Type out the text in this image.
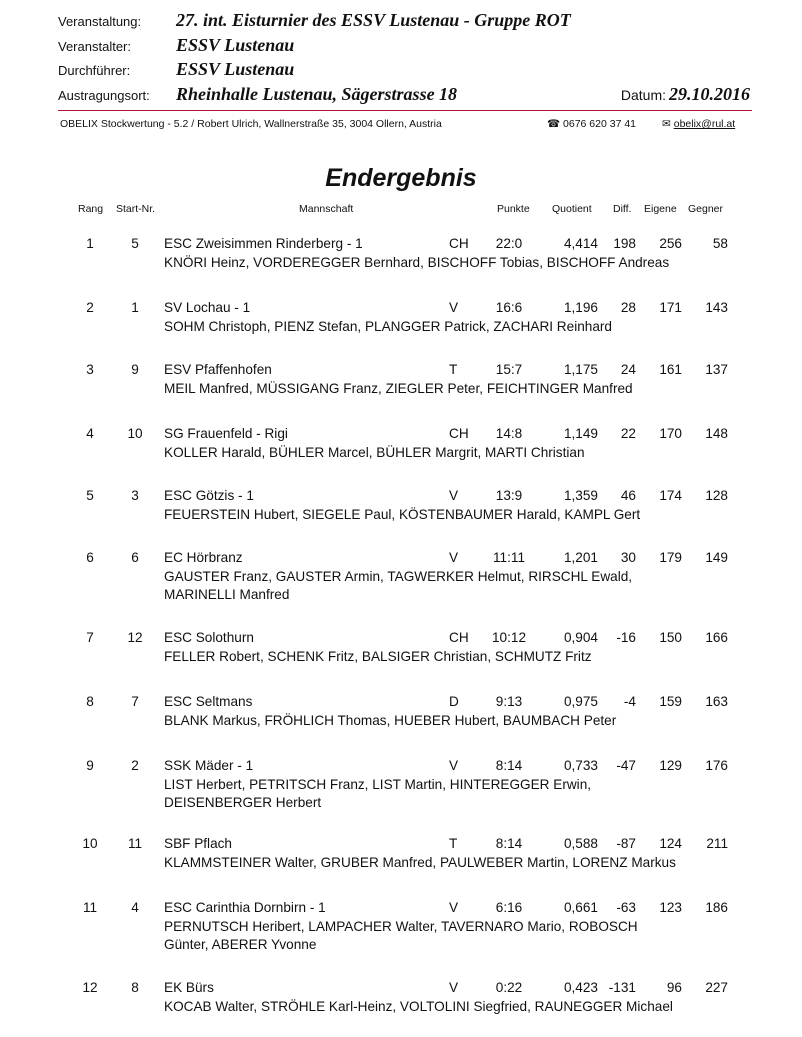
Veranstaltung:	27. int. Eisturnier des ESSV Lustenau - Gruppe ROT
Veranstalter:	ESSV Lustenau
Durchführer:	ESSV Lustenau
Austragungsort:	Rheinhalle Lustenau, Sägerstrasse 18	Datum: 29.10.2016
OBELIX Stockwertung - 5.2 / Robert Ulrich, Wallnerstraße 35, 3004 Ollern, Austria	☎ 0676 620 37 41 ✉ obelix@rul.at
Endergebnis
Rang Start-Nr.	Mannschaft	Punkte Quotient Diff. Eigene Gegner
1	5	ESC Zweisimmen Rinderberg - 1	CH	22:0	4,414	198	256	58
KNÖRI Heinz, VORDEREGGER Bernhard, BISCHOFF Tobias, BISCHOFF Andreas
2	1	SV Lochau - 1	V	16:6	1,196	28	171	143
SOHM Christoph, PIENZ Stefan, PLANGGER Patrick, ZACHARI Reinhard
3	9	ESV Pfaffenhofen	T	15:7	1,175	24	161	137
MEIL Manfred, MÜSSIGANG Franz, ZIEGLER Peter, FEICHTINGER Manfred
4	10	SG Frauenfeld - Rigi	CH	14:8	1,149	22	170	148
KOLLER Harald, BÜHLER Marcel, BÜHLER Margrit, MARTI Christian
5	3	ESC Götzis - 1	V	13:9	1,359	46	174	128
FEUERSTEIN Hubert, SIEGELE Paul, KÖSTENBAUMER Harald, KAMPL Gert
6	6	EC Hörbranz	V	11:11	1,201	30	179	149
GAUSTER Franz, GAUSTER Armin, TAGWERKER Helmut, RIRSCHL Ewald, MARINELLI Manfred
7	12	ESC Solothurn	CH	10:12	0,904	-16	150	166
FELLER Robert, SCHENK Fritz, BALSIGER Christian, SCHMUTZ Fritz
8	7	ESC Seltmans	D	9:13	0,975	-4	159	163
BLANK Markus, FRÖHLICH Thomas, HUEBER Hubert, BAUMBACH Peter
9	2	SSK Mäder - 1	V	8:14	0,733	-47	129	176
LIST Herbert, PETRITSCH Franz, LIST Martin, HINTEREGGER Erwin, DEISENBERGER Herbert
10	11	SBF Pflach	T	8:14	0,588	-87	124	211
KLAMMSTEINER Walter, GRUBER Manfred, PAULWEBER Martin, LORENZ Markus
11	4	ESC Carinthia Dornbirn - 1	V	6:16	0,661	-63	123	186
PERNUTSCH Heribert, LAMPACHER Walter, TAVERNARO Mario, ROBOSCH Günter, ABERER Yvonne
12	8	EK Bürs	V	0:22	0,423 -131	96	227
KOCAB Walter, STRÖHLE Karl-Heinz, VOLTOLINI Siegfried, RAUNEGGER Michael
